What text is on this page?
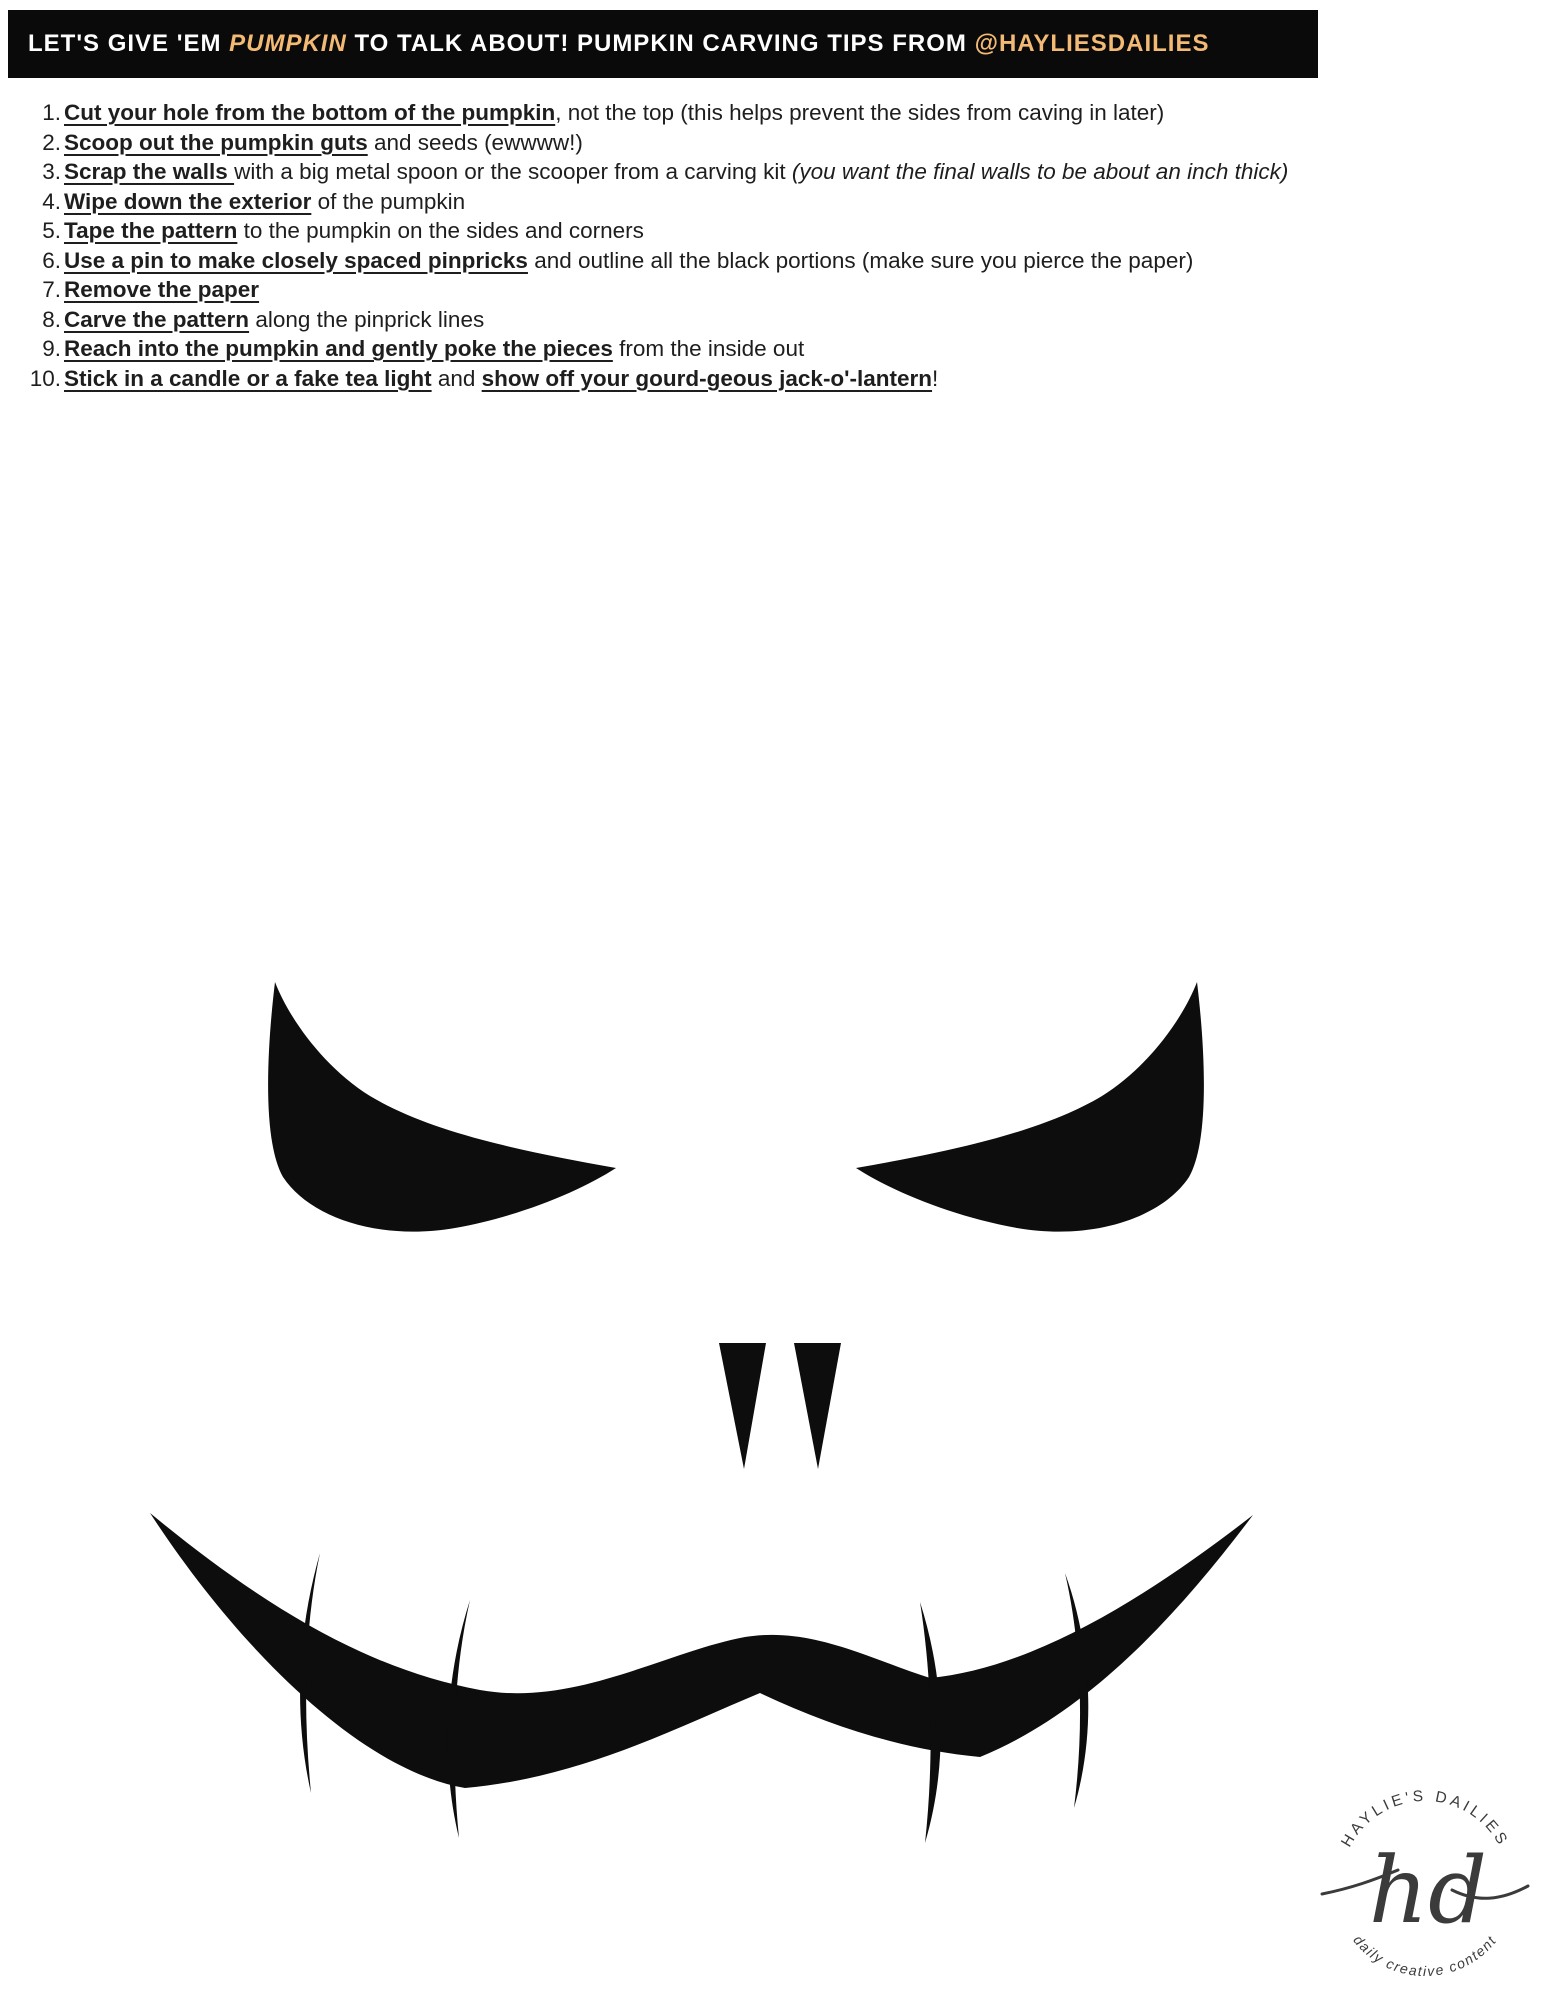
LET'S GIVE 'EM PUMPKIN TO TALK ABOUT! PUMPKIN CARVING TIPS FROM @HAYLIESDAILIES
1. Cut your hole from the bottom of the pumpkin, not the top (this helps prevent the sides from caving in later)
2. Scoop out the pumpkin guts and seeds (ewwww!)
3. Scrap the walls with a big metal spoon or the scooper from a carving kit (you want the final walls to be about an inch thick)
4. Wipe down the exterior of the pumpkin
5. Tape the pattern to the pumpkin on the sides and corners
6. Use a pin to make closely spaced pinpricks and outline all the black portions (make sure you pierce the paper)
7. Remove the paper
8. Carve the pattern along the pinprick lines
9. Reach into the pumpkin and gently poke the pieces from the inside out
10. Stick in a candle or a fake tea light and show off your gourd-geous jack-o'-lantern!
HAYLIE'S DAILIES
daily creative content
hd
